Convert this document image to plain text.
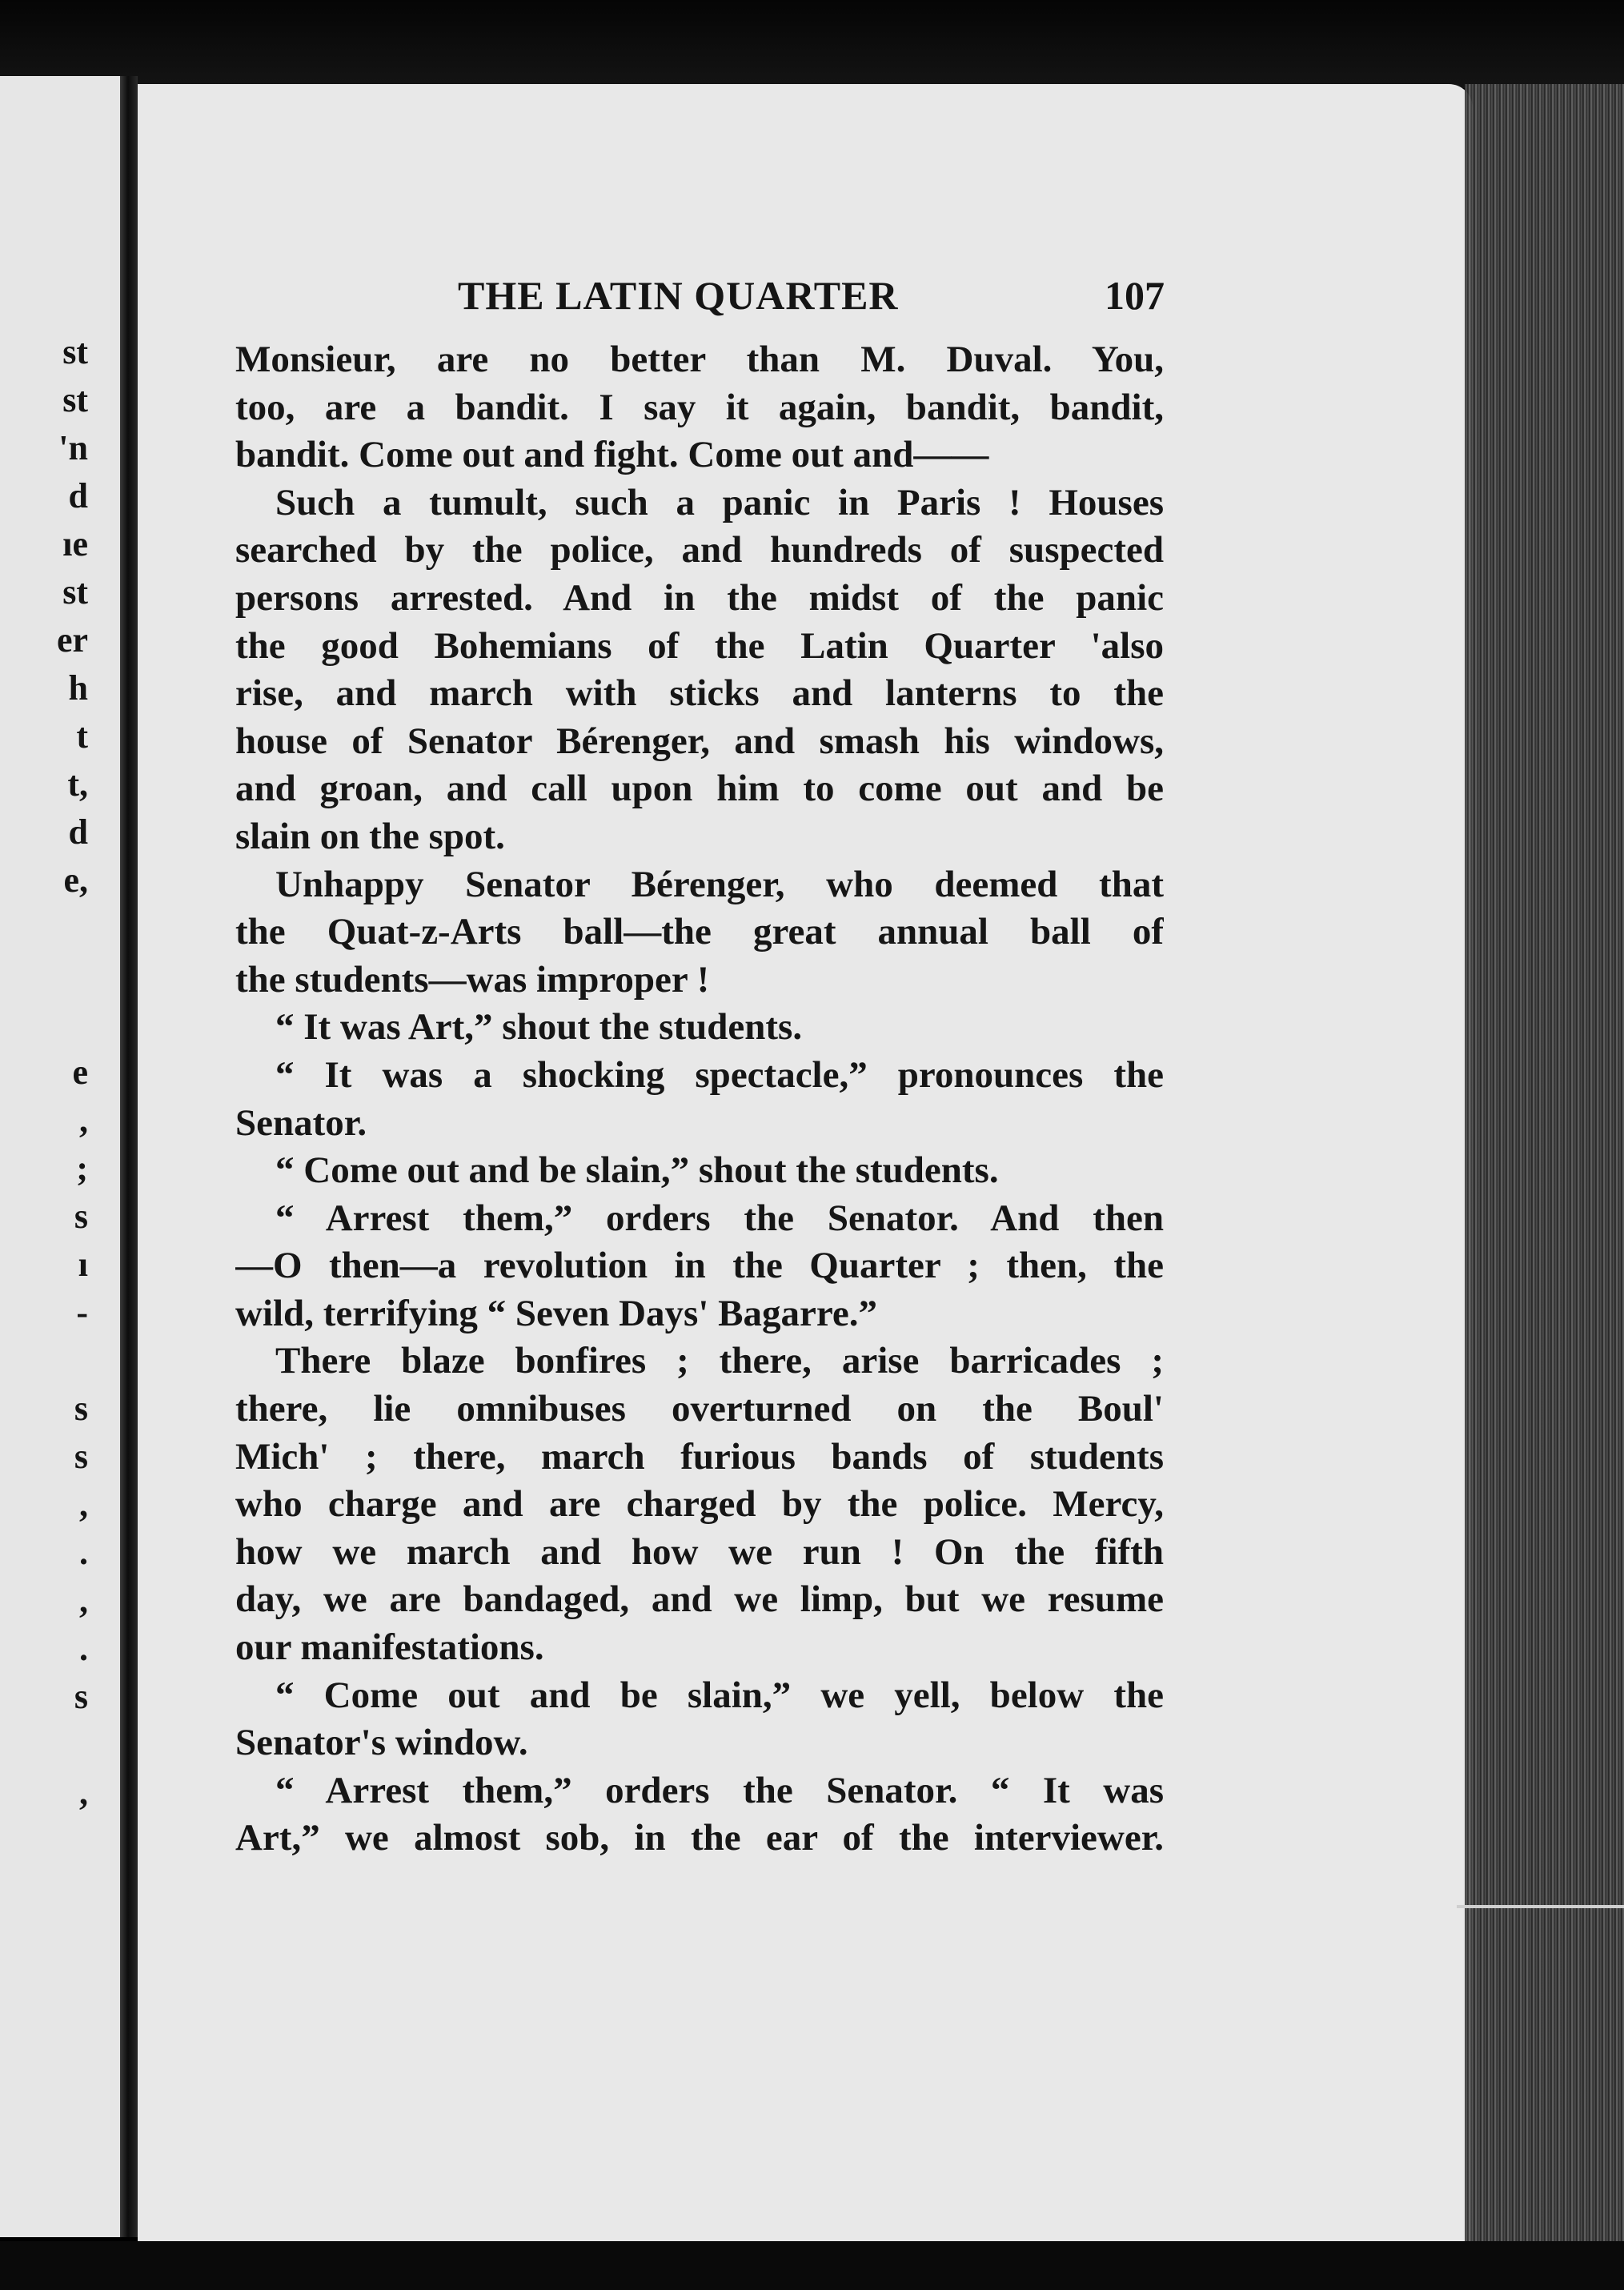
st
st
'n
d
ıe
st
er
h
t
t,
d
e,
e
,
;
s
ı
-
s
s
,
.
,
.
s
,
THE LATIN QUARTER	107
Monsieur, are no better than M. Duval. You,
too, are a bandit. I say it again, bandit, bandit,
bandit. Come out and fight. Come out and——
Such a tumult, such a panic in Paris ! Houses
searched by the police, and hundreds of suspected
persons arrested. And in the midst of the panic
the good Bohemians of the Latin Quarter 'also
rise, and march with sticks and lanterns to the
house of Senator Bérenger, and smash his windows,
and groan, and call upon him to come out and be
slain on the spot.
Unhappy Senator Bérenger, who deemed that
the Quat-z-Arts ball—the great annual ball of
the students—was improper !
“ It was Art,” shout the students.
“ It was a shocking spectacle,” pronounces the
Senator.
“ Come out and be slain,” shout the students.
“ Arrest them,” orders the Senator. And then
—O then—a revolution in the Quarter ; then, the
wild, terrifying “ Seven Days' Bagarre.”
There blaze bonfires ; there, arise barricades ;
there, lie omnibuses overturned on the Boul'
Mich' ; there, march furious bands of students
who charge and are charged by the police. Mercy,
how we march and how we run ! On the fifth
day, we are bandaged, and we limp, but we resume
our manifestations.
“ Come out and be slain,” we yell, below the
Senator's window.
“ Arrest them,” orders the Senator. “ It was
Art,” we almost sob, in the ear of the interviewer.
